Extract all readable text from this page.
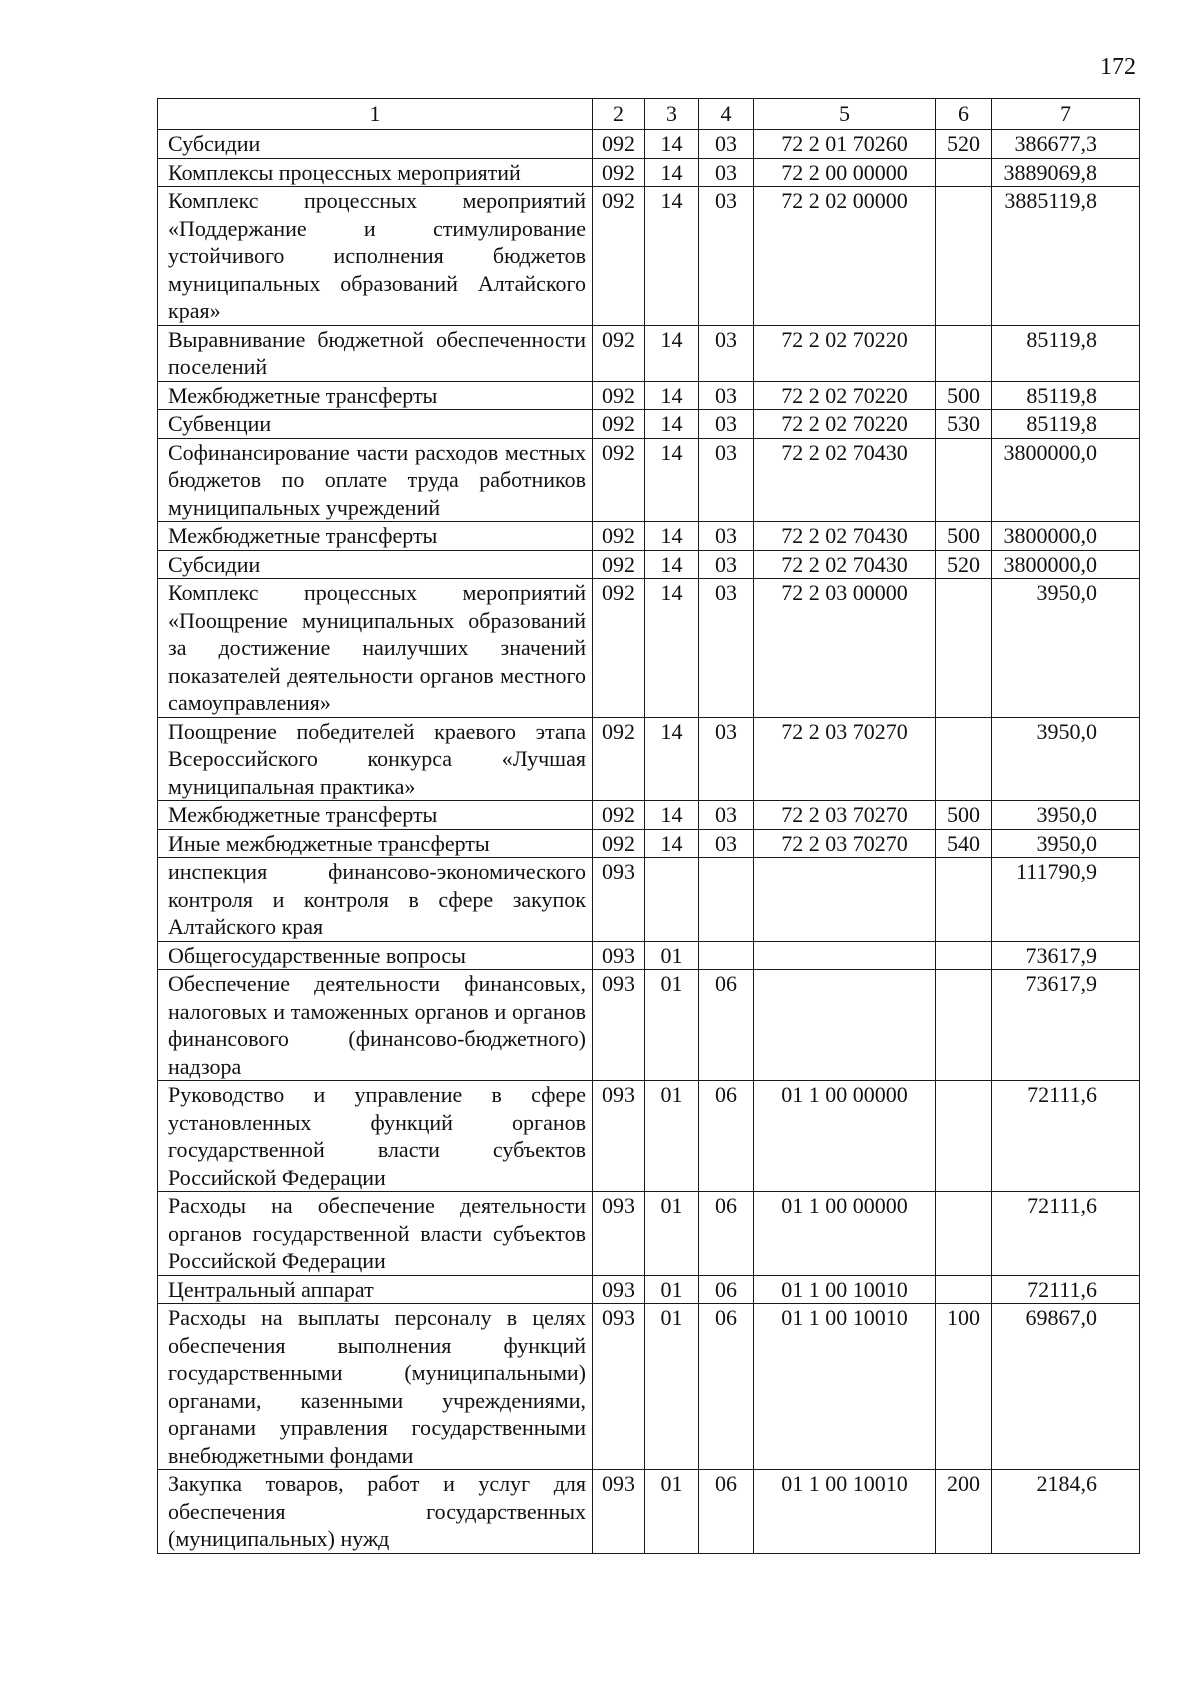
172
1	2	3	4	5	6	7
Субсидии	092	14	03	72 2 01 70260	520	386677,3
Комплексы процессных мероприятий	092	14	03	72 2 00 00000		3889069,8
Комплекс процессных мероприятий «Поддержание и стимулирование устойчивого исполнения бюджетов муниципальных образований Алтайского края»	092	14	03	72 2 02 00000		3885119,8
Выравнивание бюджетной обеспеченности поселений	092	14	03	72 2 02 70220		85119,8
Межбюджетные трансферты	092	14	03	72 2 02 70220	500	85119,8
Субвенции	092	14	03	72 2 02 70220	530	85119,8
Софинансирование части расходов местных бюджетов по оплате труда работников муниципальных учреждений	092	14	03	72 2 02 70430		3800000,0
Межбюджетные трансферты	092	14	03	72 2 02 70430	500	3800000,0
Субсидии	092	14	03	72 2 02 70430	520	3800000,0
Комплекс процессных мероприятий «Поощрение муниципальных образований за достижение наилучших значений показателей деятельности органов местного самоуправления»	092	14	03	72 2 03 00000		3950,0
Поощрение победителей краевого этапа Всероссийского конкурса «Лучшая муниципальная практика»	092	14	03	72 2 03 70270		3950,0
Межбюджетные трансферты	092	14	03	72 2 03 70270	500	3950,0
Иные межбюджетные трансферты	092	14	03	72 2 03 70270	540	3950,0
инспекция финансово-экономического контроля и контроля в сфере закупок Алтайского края	093					111790,9
Общегосударственные вопросы	093	01				73617,9
Обеспечение деятельности финансовых, налоговых и таможенных органов и органов финансового (финансово-бюджетного) надзора	093	01	06			73617,9
Руководство и управление в сфере установленных функций органов государственной власти субъектов Российской Федерации	093	01	06	01 1 00 00000		72111,6
Расходы на обеспечение деятельности органов государственной власти субъектов Российской Федерации	093	01	06	01 1 00 00000		72111,6
Центральный аппарат	093	01	06	01 1 00 10010		72111,6
Расходы на выплаты персоналу в целях обеспечения выполнения функций государственными (муниципальными) органами, казенными учреждениями, органами управления государственными внебюджетными фондами	093	01	06	01 1 00 10010	100	69867,0
Закупка товаров, работ и услуг для обеспечения государственных (муниципальных) нужд	093	01	06	01 1 00 10010	200	2184,6
